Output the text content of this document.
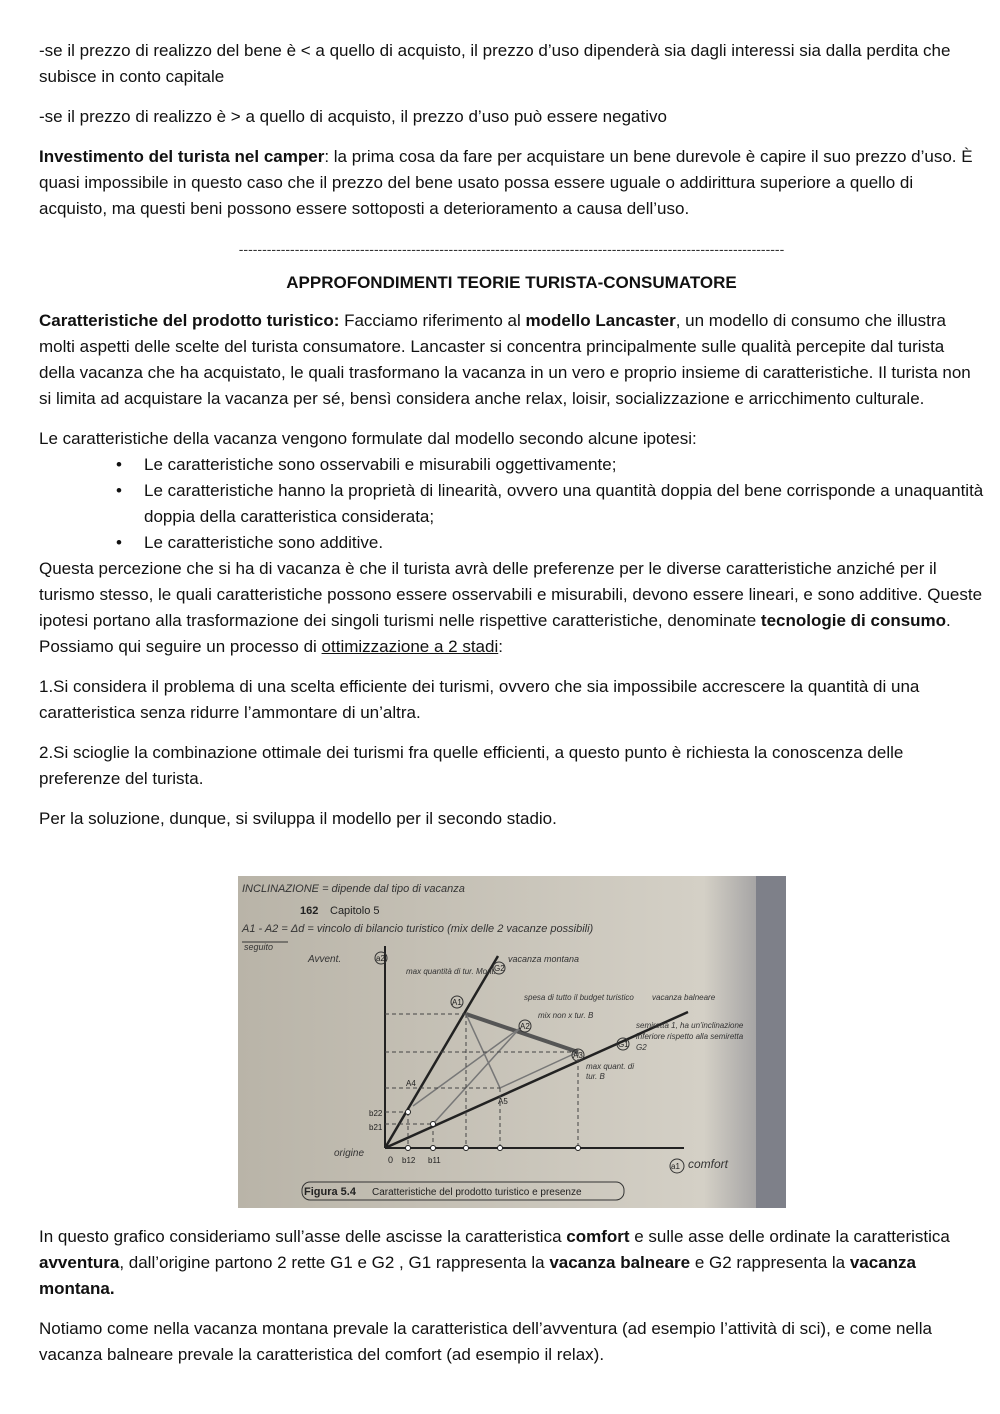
-se il prezzo di realizzo del bene è < a quello di acquisto, il prezzo d’uso dipenderà sia dagli interessi sia dalla perdita che subisce in conto capitale

-se il prezzo di realizzo è > a quello di acquisto, il prezzo d’uso può essere negativo

Investimento del turista nel camper: la prima cosa da fare per acquistare un bene durevole è capire il suo prezzo d’uso. È quasi impossibile in questo caso che il prezzo del bene usato possa essere uguale o addirittura superiore a quello di acquisto, ma questi beni possono essere sottoposti a deterioramento a causa dell’uso.

---------------------------------------------------------------------------------------------------------------------
APPROFONDIMENTI TEORIE TURISTA-CONSUMATORE

Caratteristiche del prodotto turistico: Facciamo riferimento al modello Lancaster, un modello di consumo che illustra molti aspetti delle scelte del turista consumatore. Lancaster si concentra principalmente sulle qualità percepite dal turista della vacanza che ha acquistato, le quali trasformano la vacanza in un vero e proprio insieme di caratteristiche. Il turista non si limita ad acquistare la vacanza per sé, bensì considera anche relax, loisir, socializzazione e arricchimento culturale.

Le caratteristiche della vacanza vengono formulate dal modello secondo alcune ipotesi:

• Le caratteristiche sono osservabili e misurabili oggettivamente;
• Le caratteristiche hanno la proprietà di linearità, ovvero una quantità doppia del bene corrisponde a unaquantità doppia della caratteristica considerata;
• Le caratteristiche sono additive.

Questa percezione che si ha di vacanza è che il turista avrà delle preferenze per le diverse caratteristiche anziché per il turismo stesso, le quali caratteristiche possono essere osservabili e misurabili, devono essere lineari, e sono additive. Queste ipotesi portano alla trasformazione dei singoli turismi nelle rispettive caratteristiche, denominate tecnologie di consumo. Possiamo qui seguire un processo di ottimizzazione a 2 stadi:

1.Si considera il problema di una scelta efficiente dei turismi, ovvero che sia impossibile accrescere la quantità di una caratteristica senza ridurre l’ammontare di un’altra.

2.Si scioglie la combinazione ottimale dei turismi fra quelle efficienti, a questo punto è richiesta la conoscenza delle preferenze del turista.

Per la soluzione, dunque, si sviluppa il modello per il secondo stadio.

INCLINAZIONE = dipende dal tipo di vacanza
162 Capitolo 5
A1 - A2 = Δd = vincolo di bilancio turistico (mix delle 2 vacanze possibili)
seguito
Avvent.	a2
a1 comfort
G2
G1
A1
A2
A3
A4
A5
b22
b21
0 b12 b11
origine
vacanza montana
max quantità di tur. Mont.
spesa di tutto il budget turistico
mix non x tur. B
vacanza balneare
semiretta 1, ha un'inclinazione inferiore rispetto alla semiretta G2
max quant. di tur. B
Figura 5.4 Caratteristiche del prodotto turistico e presenze

In questo grafico consideriamo sull’asse delle ascisse la caratteristica comfort e sulle asse delle ordinate la caratteristica avventura, dall’origine partono 2 rette G1 e G2 , G1 rappresenta la vacanza balneare e G2 rappresenta la vacanza montana.

Notiamo come nella vacanza montana prevale la caratteristica dell’avventura (ad esempio l’attività di sci), e come nella vacanza balneare prevale la caratteristica del comfort (ad esempio il relax).
